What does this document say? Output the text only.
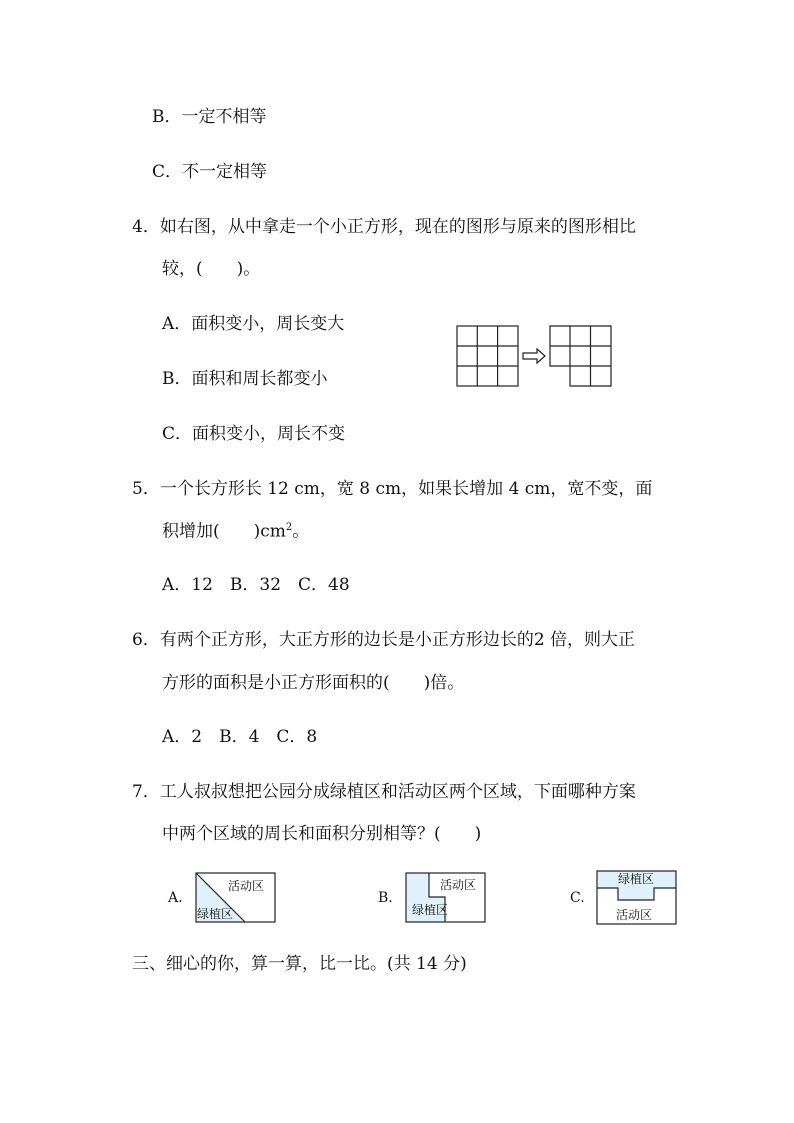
B．一定不相等
C．不一定相等
4．如右图，从中拿走一个小正方形，现在的图形与原来的图形相比
较，(　　)。
A．面积变小，周长变大
B．面积和周长都变小
C．面积变小，周长不变
5．一个长方形长 12 cm，宽 8 cm，如果长增加 4 cm，宽不变，面
积增加(　　)$cm^2$。
A．12　B．32　C．48
6．有两个正方形，大正方形的边长是小正方形边长的2 倍，则大正
方形的面积是小正方形面积的(　　)倍。
A．2　B．4　C．8
7．工人叔叔想把公园分成绿植区和活动区两个区域，下面哪种方案
中两个区域的周长和面积分别相等？(　　)
A.
活动区
绿植区
B.
活动区
绿植区
C.
绿植区
活动区
三、细心的你，算一算，比一比。(共 14 分)
